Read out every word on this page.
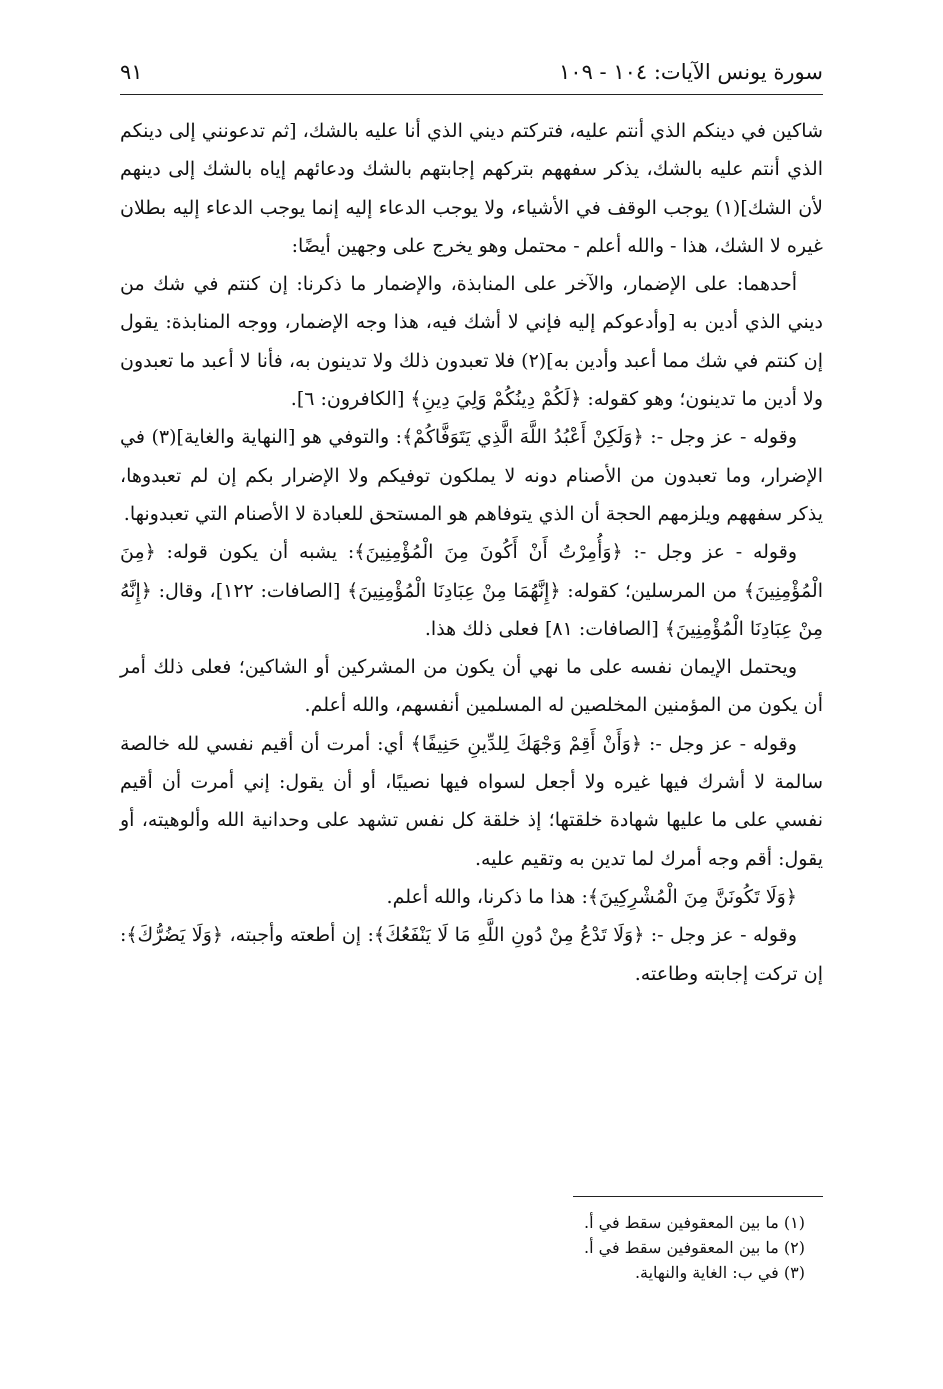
سورة يونس الآيات: ١٠٤ - ١٠٩
٩١

شاكين في دينكم الذي أنتم عليه، فتركتم ديني الذي أنا عليه بالشك، [ثم تدعونني إلى دينكم الذي أنتم عليه بالشك، يذكر سفههم بتركهم إجابتهم بالشك ودعائهم إياه بالشك إلى دينهم لأن الشك](١) يوجب الوقف في الأشياء، ولا يوجب الدعاء إليه إنما يوجب الدعاء إليه بطلان غيره لا الشك، هذا - والله أعلم - محتمل وهو يخرج على وجهين أيضًا:

أحدهما: على الإضمار، والآخر على المنابذة، والإضمار ما ذكرنا: إن كنتم في شك من ديني الذي أدين به [وأدعوكم إليه فإني لا أشك فيه، هذا وجه الإضمار، ووجه المنابذة: يقول إن كنتم في شك مما أعبد وأدين به](٢) فلا تعبدون ذلك ولا تدينون به، فأنا لا أعبد ما تعبدون ولا أدين ما تدينون؛ وهو كقوله: ﴿لَكُمْ دِينُكُمْ وَلِيَ دِينِ﴾ [الكافرون: ٦].

وقوله - عز وجل -: ﴿وَلَكِنْ أَعْبُدُ اللَّهَ الَّذِي يَتَوَفَّاكُمْ﴾: والتوفي هو [النهاية والغاية](٣) في الإضرار، وما تعبدون من الأصنام دونه لا يملكون توفيكم ولا الإضرار بكم إن لم تعبدوها، يذكر سفههم ويلزمهم الحجة أن الذي يتوفاهم هو المستحق للعبادة لا الأصنام التي تعبدونها.

وقوله - عز وجل -: ﴿وَأُمِرْتُ أَنْ أَكُونَ مِنَ الْمُؤْمِنِينَ﴾: يشبه أن يكون قوله: ﴿مِنَ الْمُؤْمِنِينَ﴾ من المرسلين؛ كقوله: ﴿إِنَّهُمَا مِنْ عِبَادِنَا الْمُؤْمِنِينَ﴾ [الصافات: ١٢٢]، وقال: ﴿إِنَّهُ مِنْ عِبَادِنَا الْمُؤْمِنِينَ﴾ [الصافات: ٨١] فعلى ذلك هذا.

ويحتمل الإيمان نفسه على ما نهي أن يكون من المشركين أو الشاكين؛ فعلى ذلك أمر أن يكون من المؤمنين المخلصين له المسلمين أنفسهم، والله أعلم.

وقوله - عز وجل -: ﴿وَأَنْ أَقِمْ وَجْهَكَ لِلدِّينِ حَنِيفًا﴾ أي: أمرت أن أقيم نفسي لله خالصة سالمة لا أشرك فيها غيره ولا أجعل لسواه فيها نصيبًا، أو أن يقول: إني أمرت أن أقيم نفسي على ما عليها شهادة خلقتها؛ إذ خلقة كل نفس تشهد على وحدانية الله وألوهيته، أو يقول: أقم وجه أمرك لما تدين به وتقيم عليه.

﴿وَلَا تَكُونَنَّ مِنَ الْمُشْرِكِينَ﴾: هذا ما ذكرنا، والله أعلم.

وقوله - عز وجل -: ﴿وَلَا تَدْعُ مِنْ دُونِ اللَّهِ مَا لَا يَنْفَعُكَ﴾: إن أطعته وأجبته، ﴿وَلَا يَضُرُّكَ﴾: إن تركت إجابته وطاعته.

(١) ما بين المعقوفين سقط في أ.
(٢) ما بين المعقوفين سقط في أ.
(٣) في ب: الغاية والنهاية.
